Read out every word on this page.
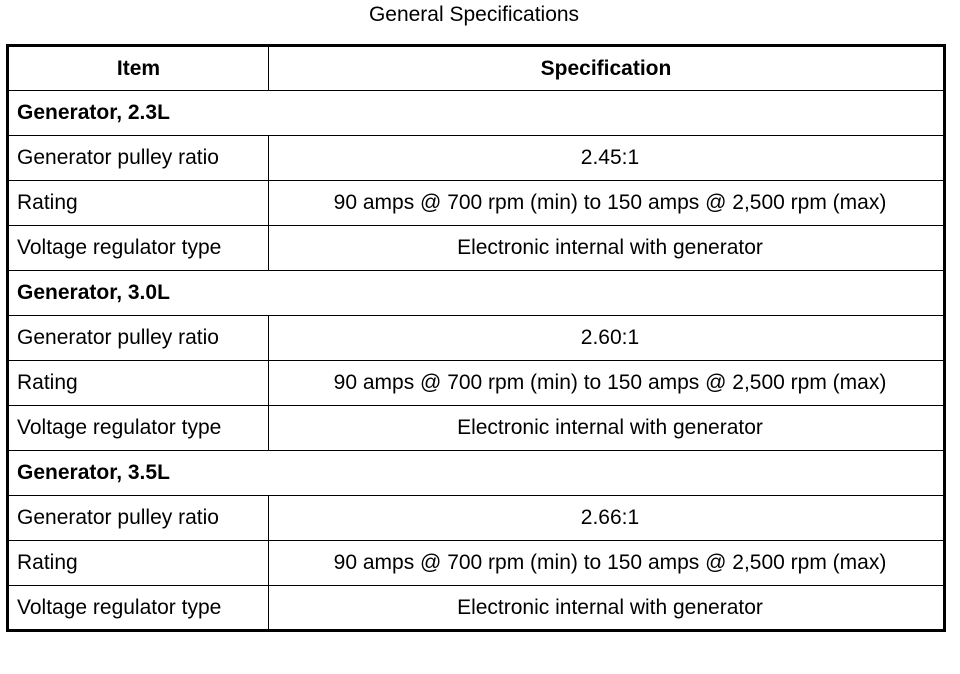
General Specifications
Item	Specification
Generator, 2.3L	
Generator pulley ratio	2.45:1
Rating	90 amps @ 700 rpm (min) to 150 amps @ 2,500 rpm (max)
Voltage regulator type	Electronic internal with generator
Generator, 3.0L	
Generator pulley ratio	2.60:1
Rating	90 amps @ 700 rpm (min) to 150 amps @ 2,500 rpm (max)
Voltage regulator type	Electronic internal with generator
Generator, 3.5L	
Generator pulley ratio	2.66:1
Rating	90 amps @ 700 rpm (min) to 150 amps @ 2,500 rpm (max)
Voltage regulator type	Electronic internal with generator
